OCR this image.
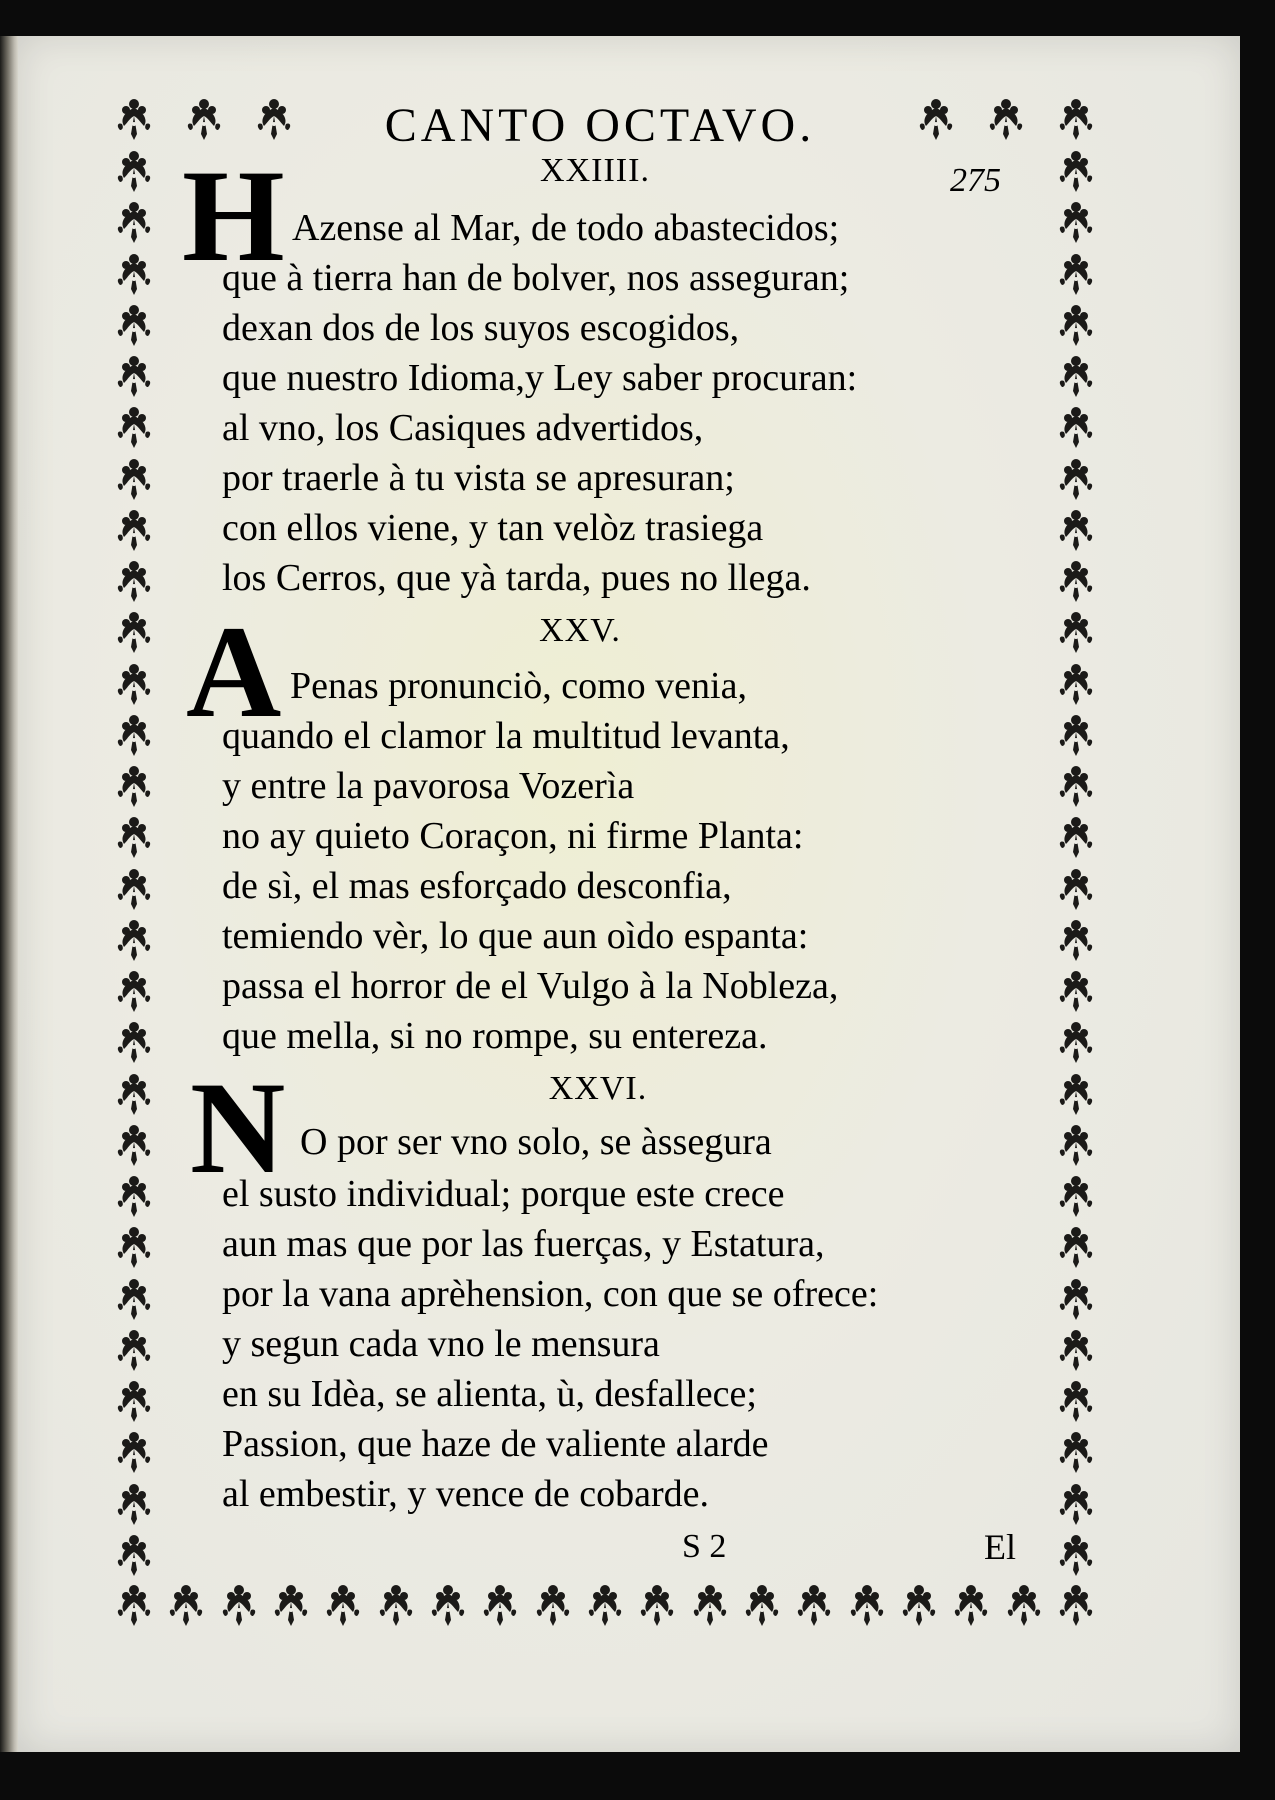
CANTO OCTAVO.
275
XXIIII.
H Azense al Mar, de todo abastecidos;
que à tierra han de bolver, nos asseguran;
dexan dos de los suyos escogidos,
que nuestro Idioma,y Ley saber procuran:
al vno, los Casiques advertidos,
por traerle à tu vista se apresuran;
con ellos viene, y tan velòz trasiega
los Cerros, que yà tarda, pues no llega.
XXV.
A Penas pronunciò, como venia,
quando el clamor la multitud levanta,
y entre la pavorosa Vozerìa
no ay quieto Coraçon, ni firme Planta:
de sì, el mas esforçado desconfia,
temiendo vèr, lo que aun oìdo espanta:
passa el horror de el Vulgo à la Nobleza,
que mella, si no rompe, su entereza.
XXVI.
N O por ser vno solo, se àssegura
el susto individual; porque este crece
aun mas que por las fuerças, y Estatura,
por la vana aprèhension, con que se ofrece:
y segun cada vno le mensura
en su Idèa, se alienta, ù, desfallece;
Passion, que haze de valiente alarde
al embestir, y vence de cobarde.
S 2	El
